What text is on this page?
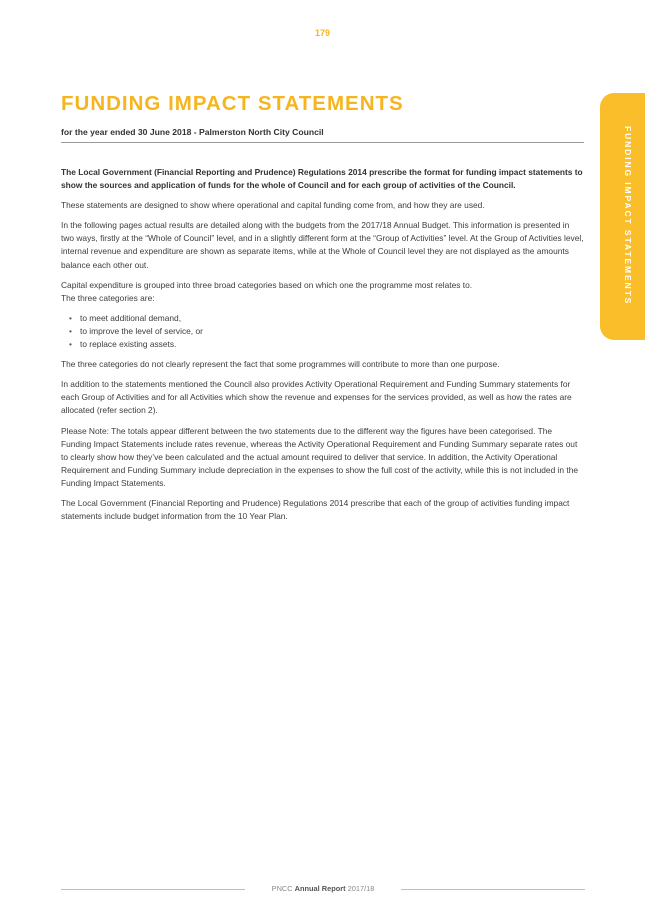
179
FUNDING IMPACT STATEMENTS
FUNDING IMPACT STATEMENTS
for the year ended 30 June 2018 - Palmerston North City Council

The Local Government (Financial Reporting and Prudence) Regulations 2014 prescribe the format for funding impact statements to show the sources and application of funds for the whole of Council and for each group of activities of the Council.

These statements are designed to show where operational and capital funding come from, and how they are used.

In the following pages actual results are detailed along with the budgets from the 2017/18 Annual Budget. This information is presented in two ways, firstly at the “Whole of Council” level, and in a slightly different form at the “Group of Activities” level. At the Group of Activities level, internal revenue and expenditure are shown as separate items, while at the Whole of Council level they are not displayed as the amounts balance each other out.

Capital expenditure is grouped into three broad categories based on which one the programme most relates to.
The three categories are:

• to meet additional demand,
• to improve the level of service, or
• to replace existing assets.

The three categories do not clearly represent the fact that some programmes will contribute to more than one purpose.

In addition to the statements mentioned the Council also provides Activity Operational Requirement and Funding Summary statements for each Group of Activities and for all Activities which show the revenue and expenses for the services provided, as well as how the rates are allocated (refer section 2).

Please Note: The totals appear different between the two statements due to the different way the figures have been categorised. The Funding Impact Statements include rates revenue, whereas the Activity Operational Requirement and Funding Summary separate rates out to clearly show how they’ve been calculated and the actual amount required to deliver that service. In addition, the Activity Operational Requirement and Funding Summary include depreciation in the expenses to show the full cost of the activity, while this is not included in the Funding Impact Statements.

The Local Government (Financial Reporting and Prudence) Regulations 2014 prescribe that each of the group of activities funding impact statements include budget information from the 10 Year Plan.

PNCC Annual Report 2017/18
